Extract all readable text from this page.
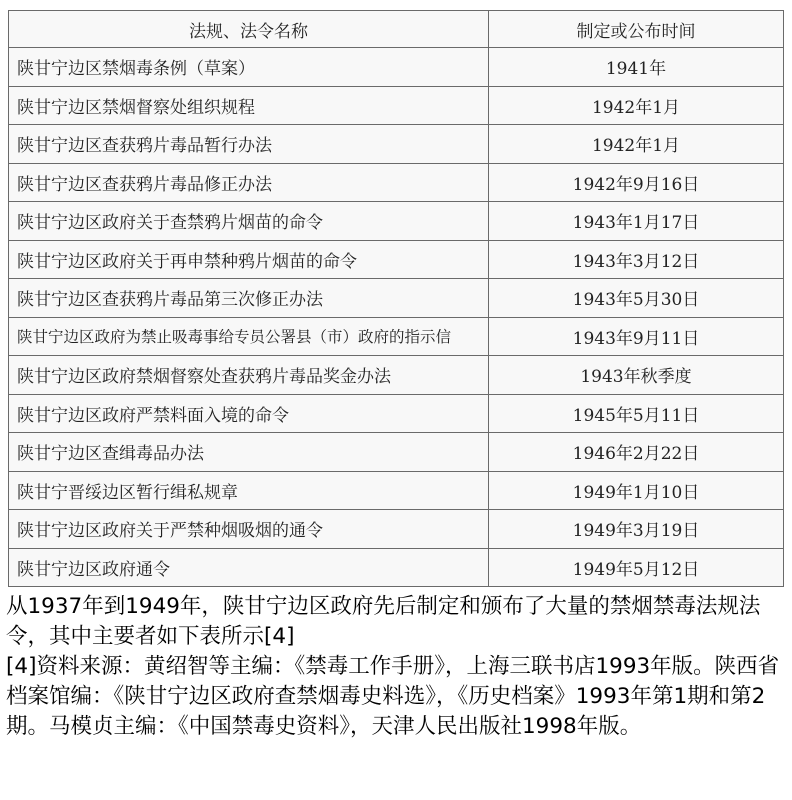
法规、法令名称	制定或公布时间
陕甘宁边区禁烟毒条例（草案）	1941年
陕甘宁边区禁烟督察处组织规程	1942年1月
陕甘宁边区查获鸦片毒品暂行办法	1942年1月
陕甘宁边区查获鸦片毒品修正办法	1942年9月16日
陕甘宁边区政府关于查禁鸦片烟苗的命令	1943年1月17日
陕甘宁边区政府关于再申禁种鸦片烟苗的命令	1943年3月12日
陕甘宁边区查获鸦片毒品第三次修正办法	1943年5月30日
陕甘宁边区政府为禁止吸毒事给专员公署县（市）政府的指示信	1943年9月11日
陕甘宁边区政府禁烟督察处查获鸦片毒品奖金办法	1943年秋季度
陕甘宁边区政府严禁料面入境的命令	1945年5月11日
陕甘宁边区查缉毒品办法	1946年2月22日
陕甘宁晋绥边区暂行缉私规章	1949年1月10日
陕甘宁边区政府关于严禁种烟吸烟的通令	1949年3月19日
陕甘宁边区政府通令	1949年5月12日

从1937年到1949年，陕甘宁边区政府先后制定和颁布了大量的禁烟禁毒法规法令，其中主要者如下表所示[4]

[4]资料来源：黄绍智等主编：《禁毒工作手册》，上海三联书店1993年版。陕西省档案馆编：《陕甘宁边区政府查禁烟毒史料选》，《历史档案》1993年第1期和第2期。马模贞主编：《中国禁毒史资料》，天津人民出版社1998年版。
